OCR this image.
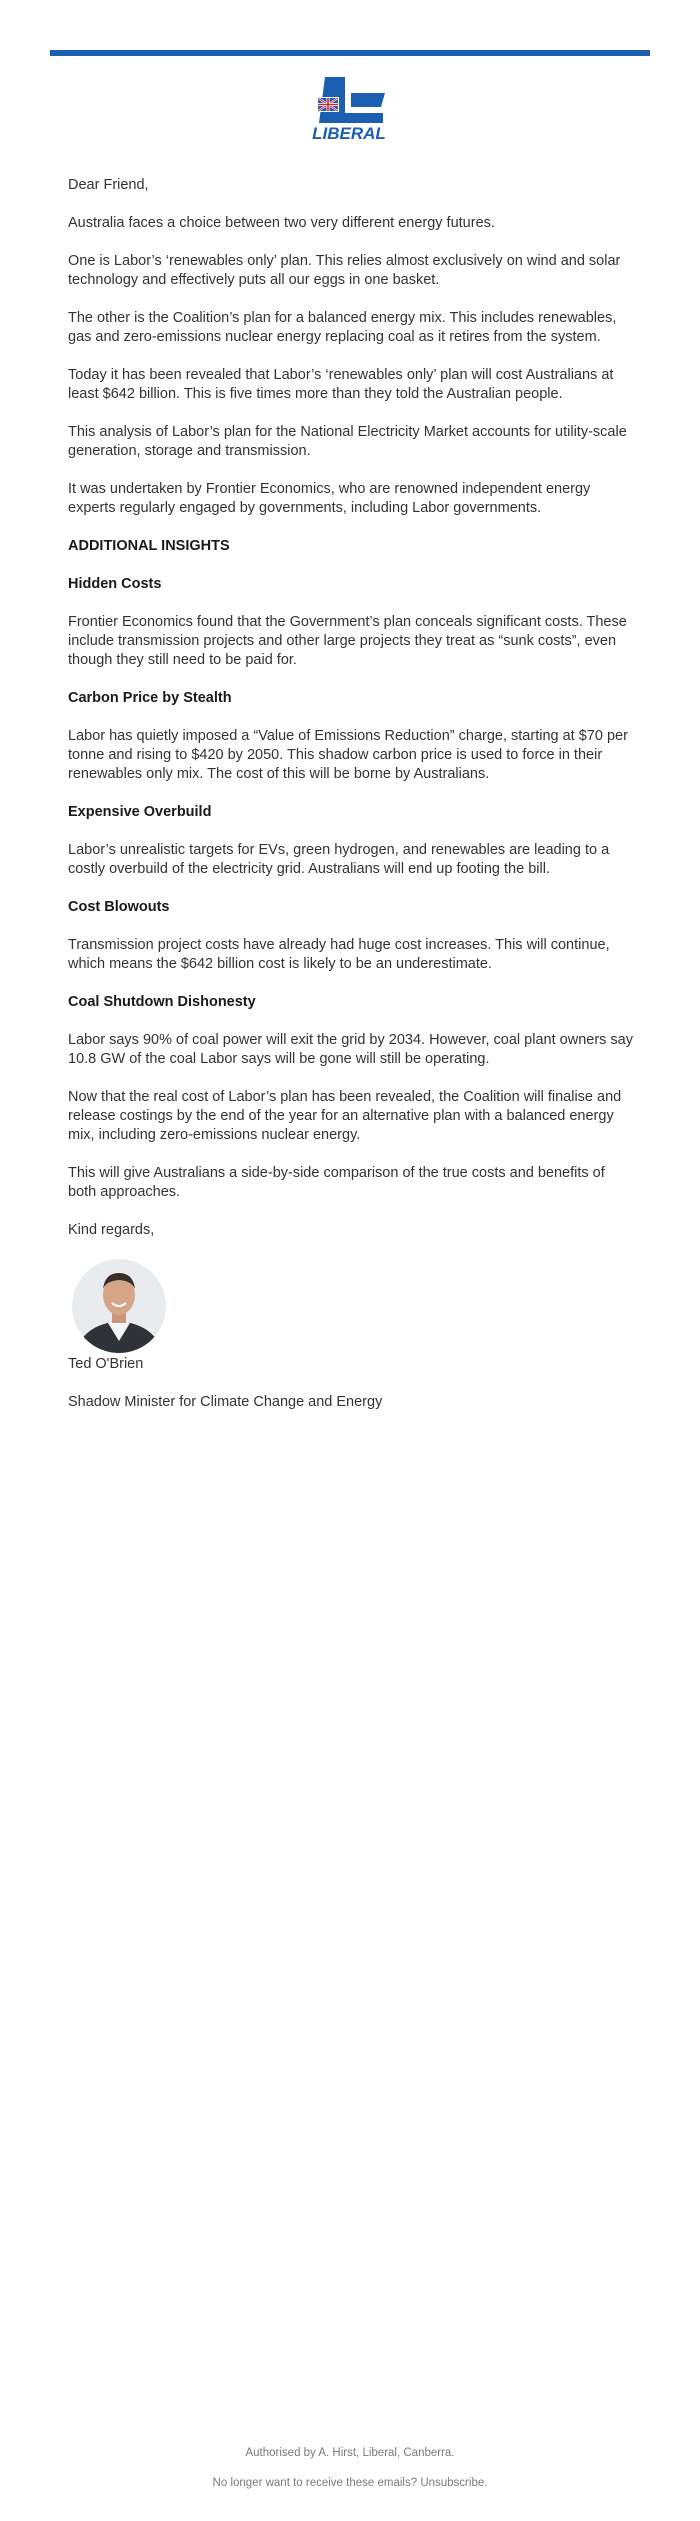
LIBERAL

Dear Friend,

Australia faces a choice between two very different energy futures.

One is Labor’s ‘renewables only’ plan. This relies almost exclusively on wind and solar technology and effectively puts all our eggs in one basket.

The other is the Coalition’s plan for a balanced energy mix. This includes renewables, gas and zero-emissions nuclear energy replacing coal as it retires from the system.

Today it has been revealed that Labor’s ‘renewables only’ plan will cost Australians at least $642 billion. This is five times more than they told the Australian people.

This analysis of Labor’s plan for the National Electricity Market accounts for utility-scale generation, storage and transmission.

It was undertaken by Frontier Economics, who are renowned independent energy experts regularly engaged by governments, including Labor governments.

ADDITIONAL INSIGHTS
Hidden Costs

Frontier Economics found that the Government’s plan conceals significant costs. These include transmission projects and other large projects they treat as “sunk costs”, even though they still need to be paid for.

Carbon Price by Stealth

Labor has quietly imposed a “Value of Emissions Reduction” charge, starting at $70 per tonne and rising to $420 by 2050. This shadow carbon price is used to force in their renewables only mix. The cost of this will be borne by Australians.

Expensive Overbuild

Labor’s unrealistic targets for EVs, green hydrogen, and renewables are leading to a costly overbuild of the electricity grid. Australians will end up footing the bill.

Cost Blowouts

Transmission project costs have already had huge cost increases. This will continue, which means the $642 billion cost is likely to be an underestimate.

Coal Shutdown Dishonesty

Labor says 90% of coal power will exit the grid by 2034. However, coal plant owners say 10.8 GW of the coal Labor says will be gone will still be operating.

Now that the real cost of Labor’s plan has been revealed, the Coalition will finalise and release costings by the end of the year for an alternative plan with a balanced energy mix, including zero-emissions nuclear energy.

This will give Australians a side-by-side comparison of the true costs and benefits of both approaches.

Kind regards,

Ted O'Brien

Shadow Minister for Climate Change and Energy

Authorised by A. Hirst, Liberal, Canberra.
No longer want to receive these emails? Unsubscribe.
